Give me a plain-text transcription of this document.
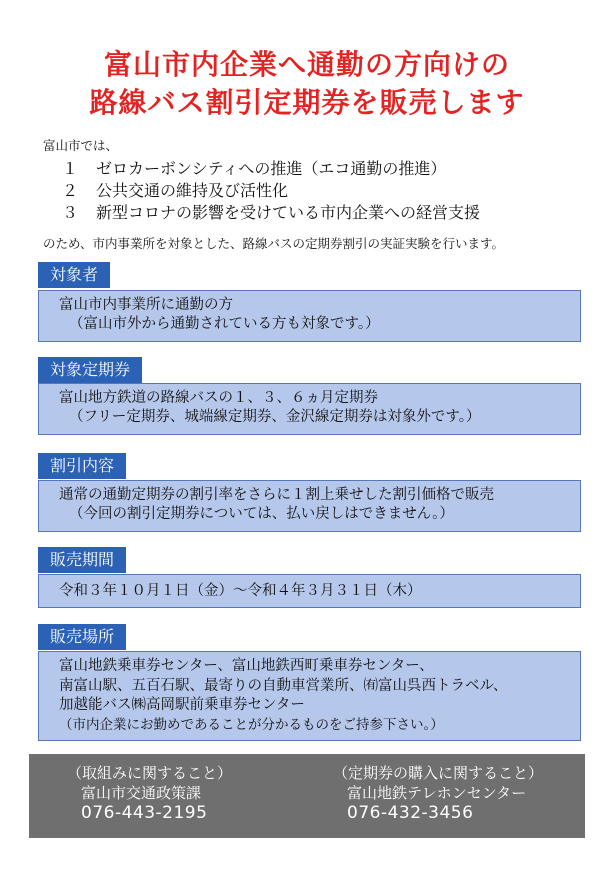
富山市内企業へ通勤の方向けの
路線バス割引定期券を販売します
富山市では、
１ ゼロカーボンシティへの推進（エコ通勤の推進）
２ 公共交通の維持及び活性化
３ 新型コロナの影響を受けている市内企業への経営支援
のため、市内事業所を対象とした、路線バスの定期券割引の実証実験を行います。
対象者
富山市内事業所に通勤の方
（富山市外から通勤されている方も対象です。）
対象定期券
富山地方鉄道の路線バスの１、３、６ヵ月定期券
（フリー定期券、城端線定期券、金沢線定期券は対象外です。）
割引内容
通常の通勤定期券の割引率をさらに１割上乗せした割引価格で販売
（今回の割引定期券については、払い戻しはできません。）
販売期間
令和３年１０月１日（金）～令和４年３月３１日（木）
販売場所
富山地鉄乗車券センター、富山地鉄西町乗車券センター、
南富山駅、五百石駅、最寄りの自動車営業所、㈲富山呉西トラベル、
加越能バス㈱高岡駅前乗車券センター
（市内企業にお勤めであることが分かるものをご持参下さい。）
（取組みに関すること）
富山市交通政策課
076-443-2195
（定期券の購入に関すること）
富山地鉄テレホンセンター
076-432-3456
